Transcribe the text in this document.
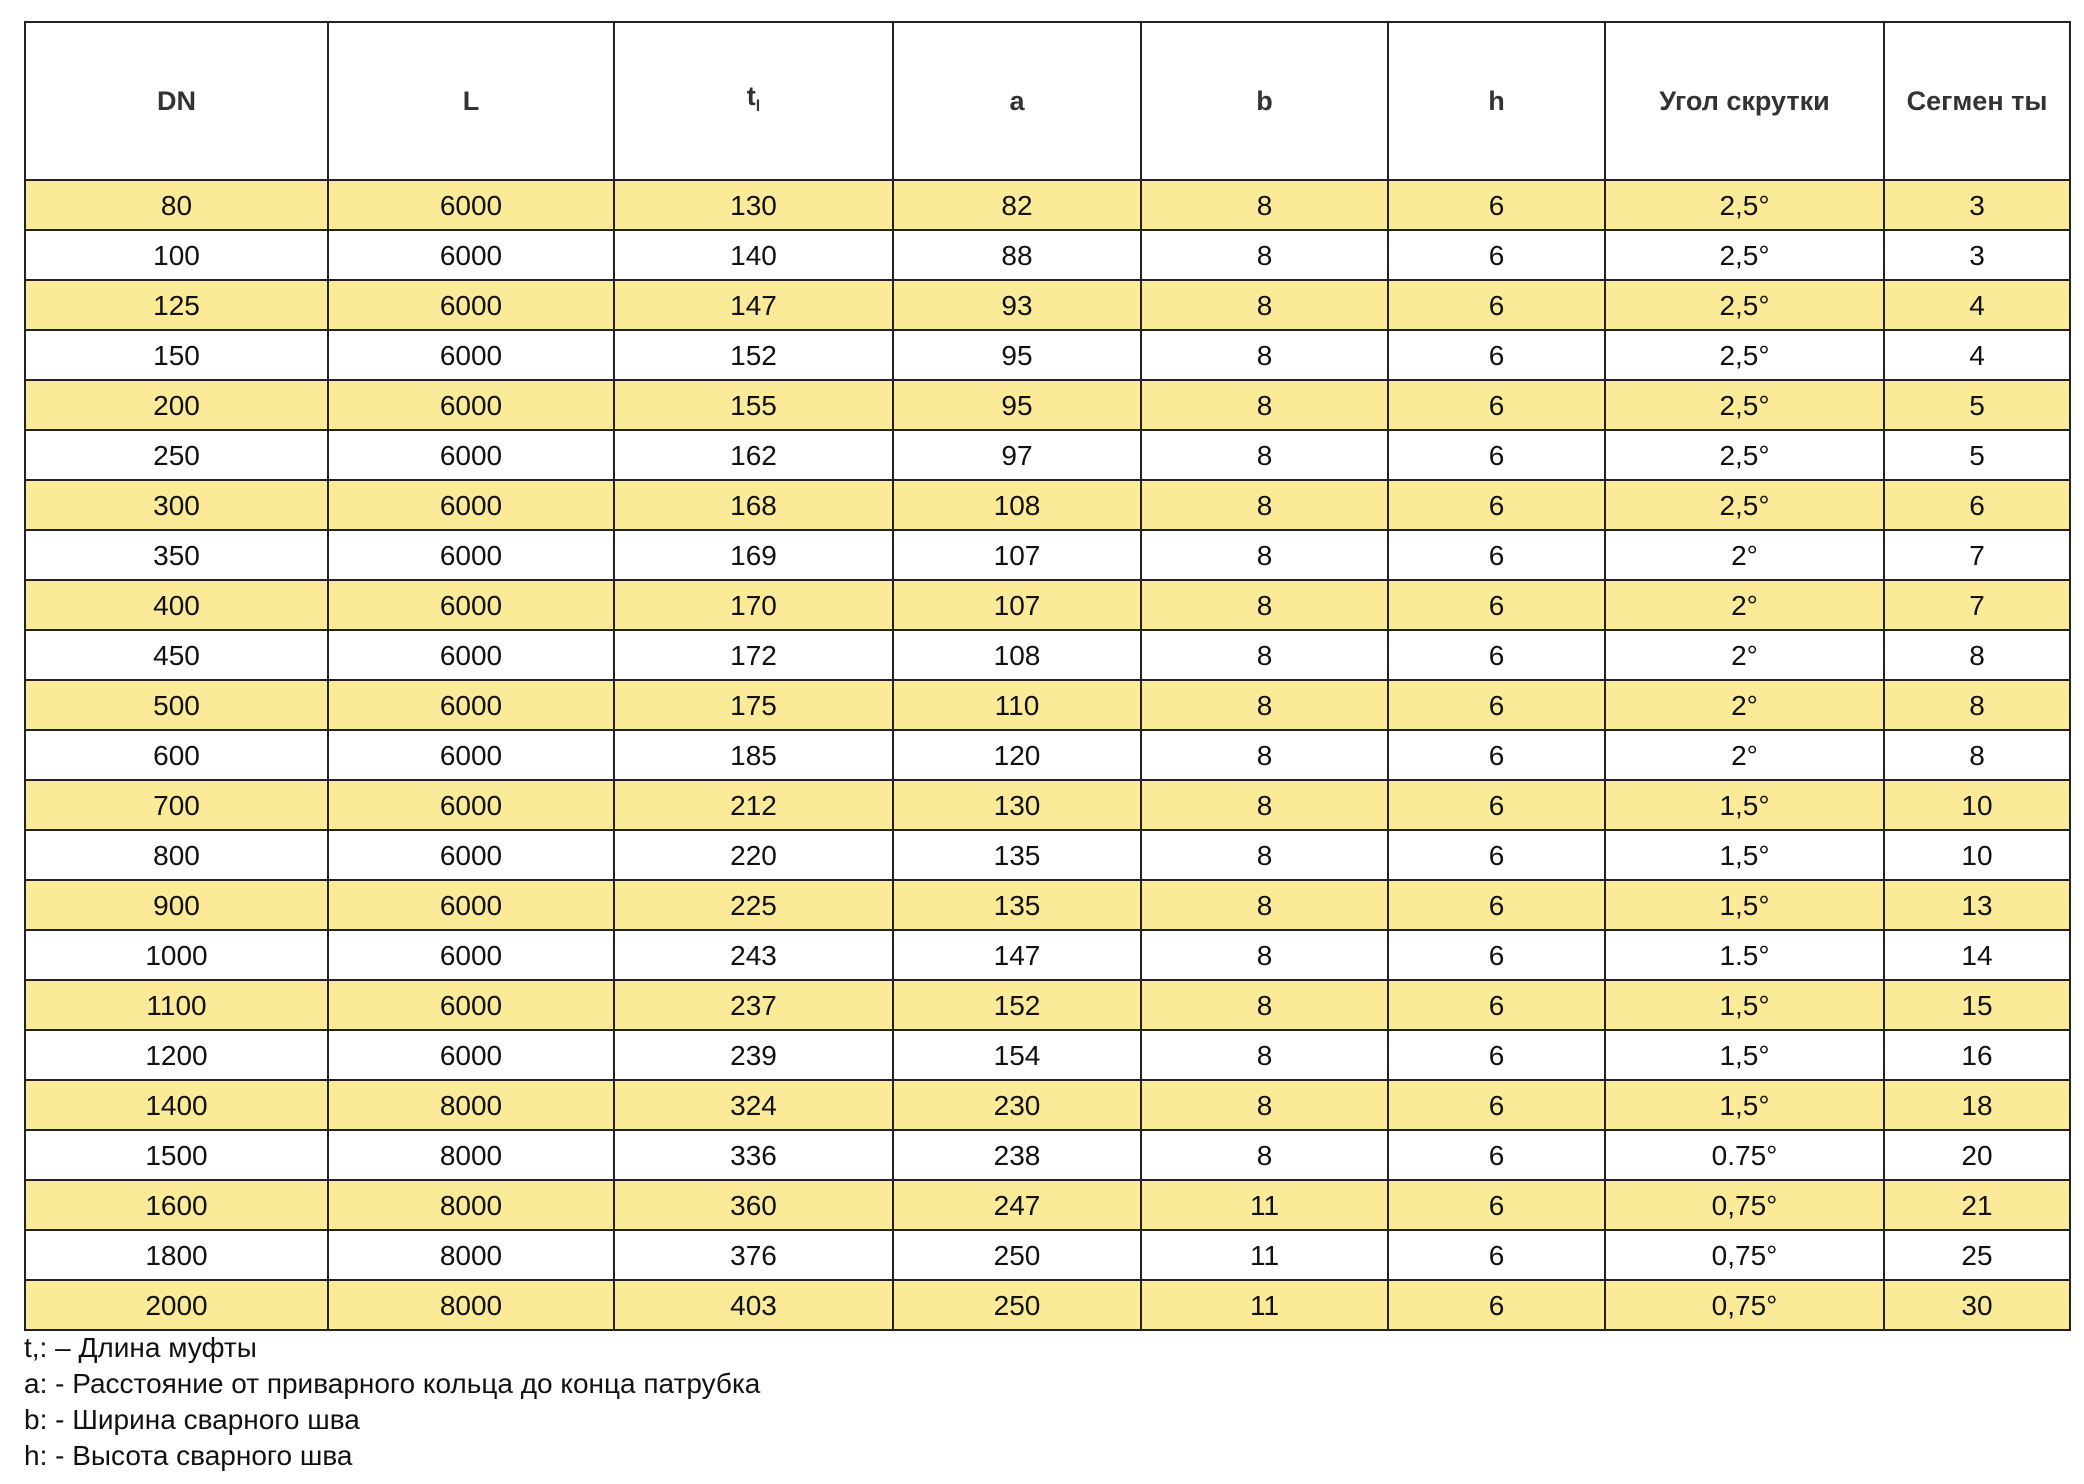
DN	L	$t_l$	a	b	h	Угол скрутки	Сегмен ты
80	6000	130	82	8	6	2,5°	3
100	6000	140	88	8	6	2,5°	3
125	6000	147	93	8	6	2,5°	4
150	6000	152	95	8	6	2,5°	4
200	6000	155	95	8	6	2,5°	5
250	6000	162	97	8	6	2,5°	5
300	6000	168	108	8	6	2,5°	6
350	6000	169	107	8	6	2°	7
400	6000	170	107	8	6	2°	7
450	6000	172	108	8	6	2°	8
500	6000	175	110	8	6	2°	8
600	6000	185	120	8	6	2°	8
700	6000	212	130	8	6	1,5°	10
800	6000	220	135	8	6	1,5°	10
900	6000	225	135	8	6	1,5°	13
1000	6000	243	147	8	6	1.5°	14
1100	6000	237	152	8	6	1,5°	15
1200	6000	239	154	8	6	1,5°	16
1400	8000	324	230	8	6	1,5°	18
1500	8000	336	238	8	6	0.75°	20
1600	8000	360	247	11	6	0,75°	21
1800	8000	376	250	11	6	0,75°	25
2000	8000	403	250	11	6	0,75°	30
t,: – Длина муфты
a: - Расстояние от приварного кольца до конца патрубка
b: - Ширина сварного шва
h: - Высота сварного шва
